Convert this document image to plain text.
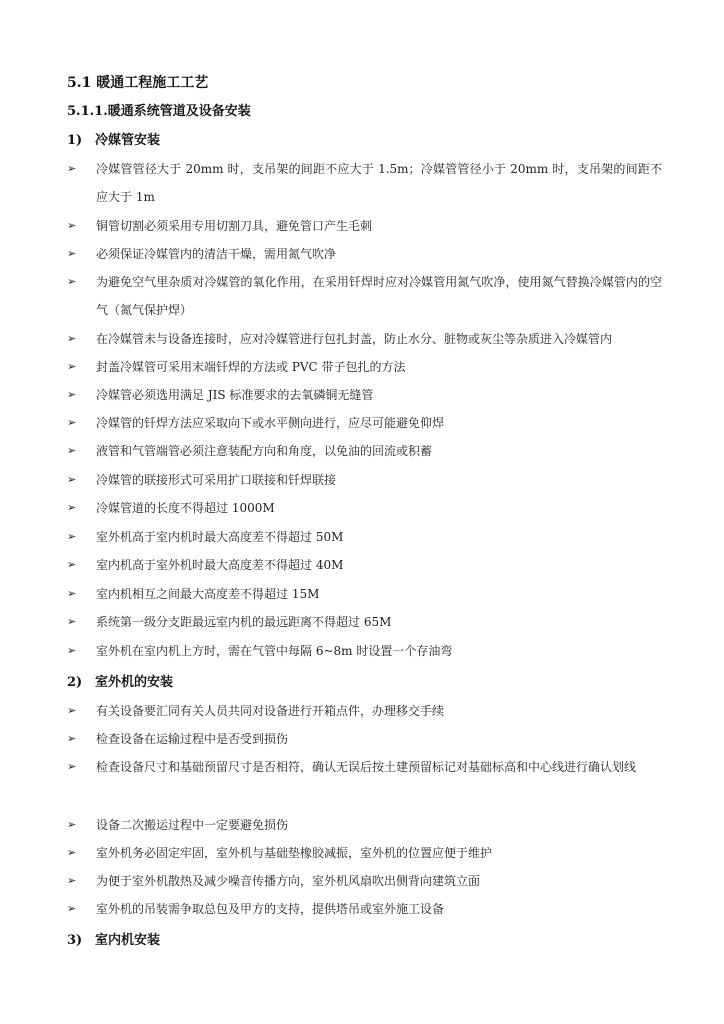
5.1 暖通工程施工工艺
5.1.1.暖通系统管道及设备安装
1) 冷媒管安装
➢	冷媒管管径大于 20mm 时，支吊架的间距不应大于 1.5m；冷媒管管径小于 20mm 时，支吊架的间距不应大于 1m
➢	铜管切割必须采用专用切割刀具，避免管口产生毛刺
➢	必须保证冷媒管内的清洁干燥，需用氮气吹净
➢	为避免空气里杂质对冷媒管的氧化作用，在采用钎焊时应对冷媒管用氮气吹净，使用氮气替换冷媒管内的空气（氮气保护焊）
➢	在冷媒管未与设备连接时，应对冷媒管进行包扎封盖，防止水分、脏物或灰尘等杂质进入冷媒管内
➢	封盖冷媒管可采用末端钎焊的方法或 PVC 带子包扎的方法
➢	冷媒管必须选用满足 JIS 标准要求的去氧磷铜无缝管
➢	冷媒管的钎焊方法应采取向下或水平侧向进行，应尽可能避免仰焊
➢	液管和气管端管必须注意装配方向和角度，以免油的回流或积蓄
➢	冷媒管的联接形式可采用扩口联接和钎焊联接
➢	冷媒管道的长度不得超过 1000M
➢	室外机高于室内机时最大高度差不得超过 50M
➢	室内机高于室外机时最大高度差不得超过 40M
➢	室内机相互之间最大高度差不得超过 15M
➢	系统第一级分支距最远室内机的最远距离不得超过 65M
➢	室外机在室内机上方时，需在气管中每隔 6~8m 时设置一个存油弯
2) 室外机的安装
➢	有关设备要汇同有关人员共同对设备进行开箱点件，办理移交手续
➢	检查设备在运输过程中是否受到损伤
➢	检查设备尺寸和基础预留尺寸是否相符，确认无误后按土建预留标记对基础标高和中心线进行确认划线
➢	设备二次搬运过程中一定要避免损伤
➢	室外机务必固定牢固，室外机与基础垫橡胶减振，室外机的位置应便于维护
➢	为便于室外机散热及减少噪音传播方向，室外机风扇吹出侧背向建筑立面
➢	室外机的吊装需争取总包及甲方的支持，提供塔吊或室外施工设备
3) 室内机安装
